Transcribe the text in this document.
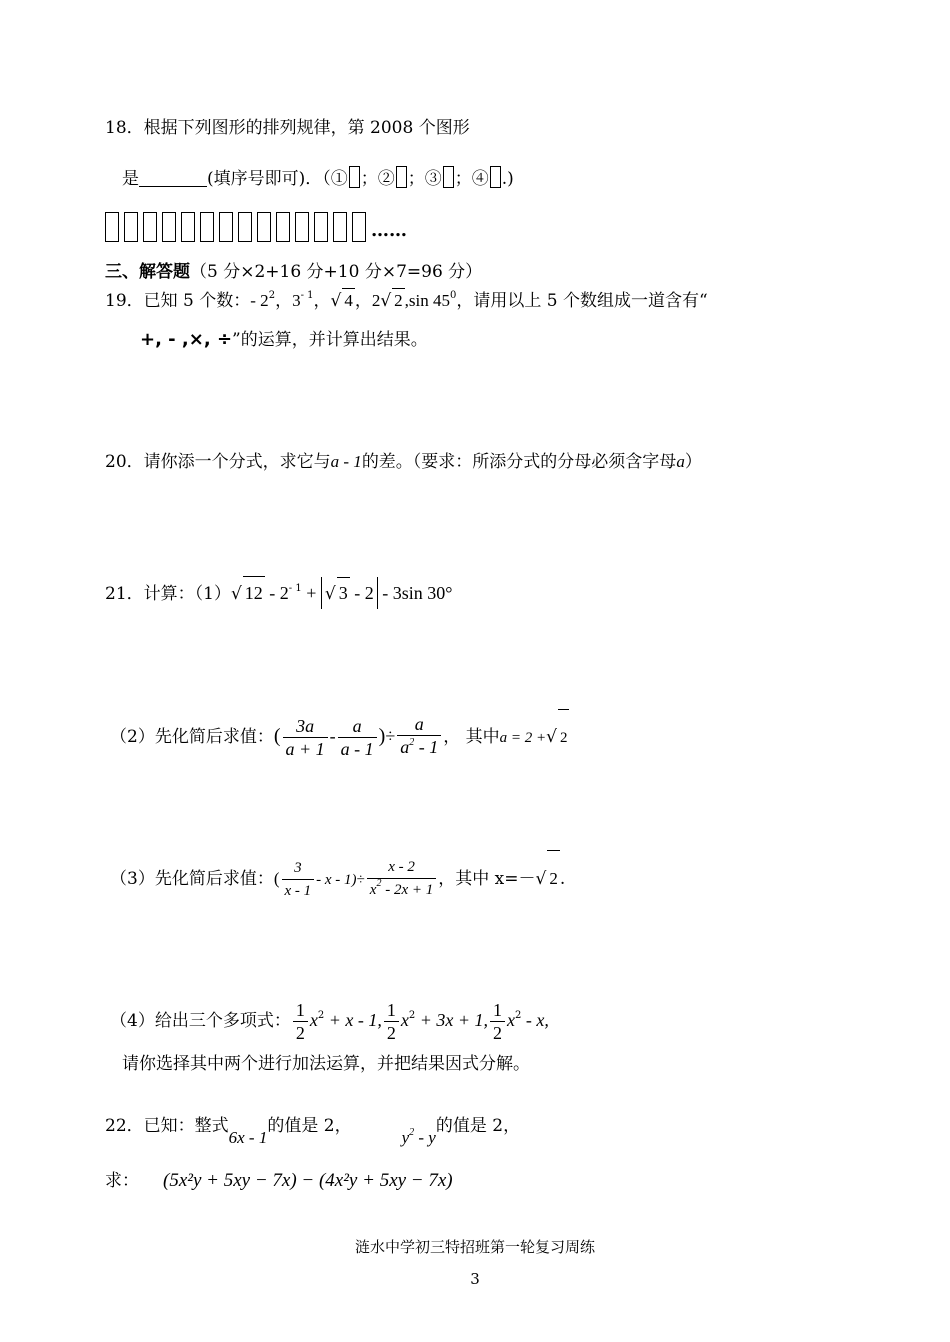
18．根据下列图形的排列规律，第 2008 个图形
是	(填序号即可)．（① ；② ；③ ；④ .)
……
三、解答题（5 分×2+16 分+10 分×7=96 分）
19．已知 5 个数：- $2^2$，$3^{- 1}$，√ 4 ，2√ 2 ,sin $45^0$，请用以上 5 个数组成一道含有“
+, - ,×, ÷”的运算，并计算出结果。
20．请你添一个分式，求它与a - 1的差。（要求：所添分式的分母必须含字母a）
21．计算：（1）√ $12 - 2^{- 1}$ + √ 3 - 2 - 3sin 30°
（2）先化简后求值：( $\frac{3a}{a + 1} - \frac{a}{a - 1}$ )÷ $\frac{a}{a^2 - 1}$ ， 其中a = 2 +√ 2
（3）先化简后求值：( $\frac{3}{x - 1} - x - 1)\div \frac{x - 2}{x^2 - 2x + 1}$ ，其中 x=－√ 2 .
（4）给出三个多项式： $\frac{1}{2} x^2 + x - 1$, $\frac{1}{2} x^2 + 3x + 1$, $\frac{1}{2} x^2$ - x,
请你选择其中两个进行加法运算，并把结果因式分解。
22．已知：整式6x - 1的值是 2，$y^2$ - y的值是 2，
求： (5x²y + 5xy − 7x) − (4x²y + 5xy − 7x)
涟水中学初三特招班第一轮复习周练
3
